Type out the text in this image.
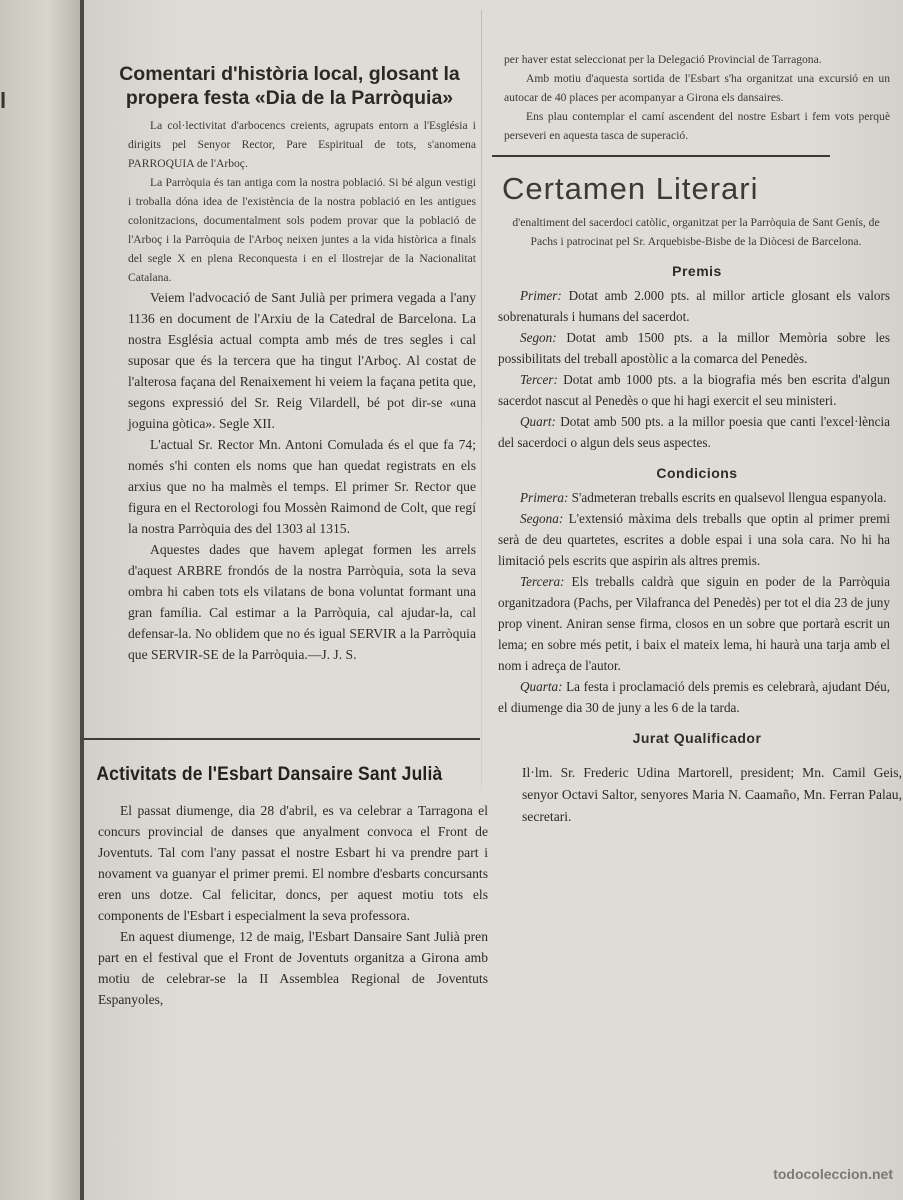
l
Comentari d'història local, glosant la propera festa «Dia de la Parròquia»

La col·lectivitat d'arbocencs creients, agrupats entorn a l'Església i dirigits pel Senyor Rector, Pare Espiritual de tots, s'anomena PARROQUIA de l'Arboç.

La Parròquia és tan antiga com la nostra població. Si bé algun vestigi i troballa dóna idea de l'existència de la nostra població en les antigues colonitzacions, documentalment sols podem provar que la població de l'Arboç i la Parròquia de l'Arboç neixen juntes a la vida històrica a finals del segle X en plena Reconquesta i en el llostrejar de la Nacionalitat Catalana.

Veiem l'advocació de Sant Julià per primera vegada a l'any 1136 en document de l'Arxiu de la Catedral de Barcelona. La nostra Església actual compta amb més de tres segles i cal suposar que és la tercera que ha tingut l'Arboç. Al costat de l'alterosa façana del Renaixement hi veiem la façana petita que, segons expressió del Sr. Reig Vilardell, bé pot dir-se «una joguina gòtica». Segle XII.

L'actual Sr. Rector Mn. Antoni Comulada és el que fa 74; només s'hi conten els noms que han quedat registrats en els arxius que no ha malmès el temps. El primer Sr. Rector que figura en el Rectorologi fou Mossèn Raimond de Colt, que regí la nostra Parròquia des del 1303 al 1315.

Aquestes dades que havem aplegat formen les arrels d'aquest ARBRE frondós de la nostra Parròquia, sota la seva ombra hi caben tots els vilatans de bona voluntat formant una gran família. Cal estimar a la Parròquia, cal ajudar-la, cal defensar-la. No oblidem que no és igual SERVIR a la Parròquia que SERVIR-SE de la Parròquia.—J. J. S.

Activitats de l'Esbart Dansaire Sant Julià

El passat diumenge, dia 28 d'abril, es va celebrar a Tarragona el concurs provincial de danses que anyalment convoca el Front de Joventuts. Tal com l'any passat el nostre Esbart hi va prendre part i novament va guanyar el primer premi. El nombre d'esbarts concursants eren uns dotze. Cal felicitar, doncs, per aquest motiu tots els components de l'Esbart i especialment la seva professora.

En aquest diumenge, 12 de maig, l'Esbart Dansaire Sant Julià pren part en el festival que el Front de Joventuts organitza a Girona amb motiu de celebrar-se la II Assemblea Regional de Joventuts Espanyoles,

per haver estat seleccionat per la Delegació Provincial de Tarragona.

Amb motiu d'aquesta sortida de l'Esbart s'ha organitzat una excursió en un autocar de 40 places per acompanyar a Girona els dansaires.

Ens plau contemplar el camí ascendent del nostre Esbart i fem vots perquè perseveri en aquesta tasca de superació.

Certamen Literari

d'enaltiment del sacerdoci catòlic, organitzat per la Parròquia de Sant Genís, de Pachs i patrocinat pel Sr. Arquebisbe-Bisbe de la Diòcesi de Barcelona.

Premis

Primer: Dotat amb 2.000 pts. al millor article glosant els valors sobrenaturals i humans del sacerdot.

Segon: Dotat amb 1500 pts. a la millor Memòria sobre les possibilitats del treball apostòlic a la comarca del Penedès.

Tercer: Dotat amb 1000 pts. a la biografia més ben escrita d'algun sacerdot nascut al Penedès o que hi hagi exercit el seu ministeri.

Quart: Dotat amb 500 pts. a la millor poesia que canti l'excel·lència del sacerdoci o algun dels seus aspectes.

Condicions

Primera: S'admeteran treballs escrits en qualsevol llengua espanyola.

Segona: L'extensió màxima dels treballs que optin al primer premi serà de deu quartetes, escrites a doble espai i una sola cara. No hi ha limitació pels escrits que aspirin als altres premis.

Tercera: Els treballs caldrà que siguin en poder de la Parròquia organitzadora (Pachs, per Vilafranca del Penedès) per tot el dia 23 de juny prop vinent. Aniran sense firma, closos en un sobre que portarà escrit un lema; en sobre més petit, i baix el mateix lema, hi haurà una tarja amb el nom i adreça de l'autor.

Quarta: La festa i proclamació dels premis es celebrarà, ajudant Déu, el diumenge dia 30 de juny a les 6 de la tarda.

Jurat Qualificador

Il·lm. Sr. Frederic Udina Martorell, president; Mn. Camil Geis, senyor Octavi Saltor, senyores Maria N. Caamaño, Mn. Ferran Palau, secretari.

todocoleccion.net
